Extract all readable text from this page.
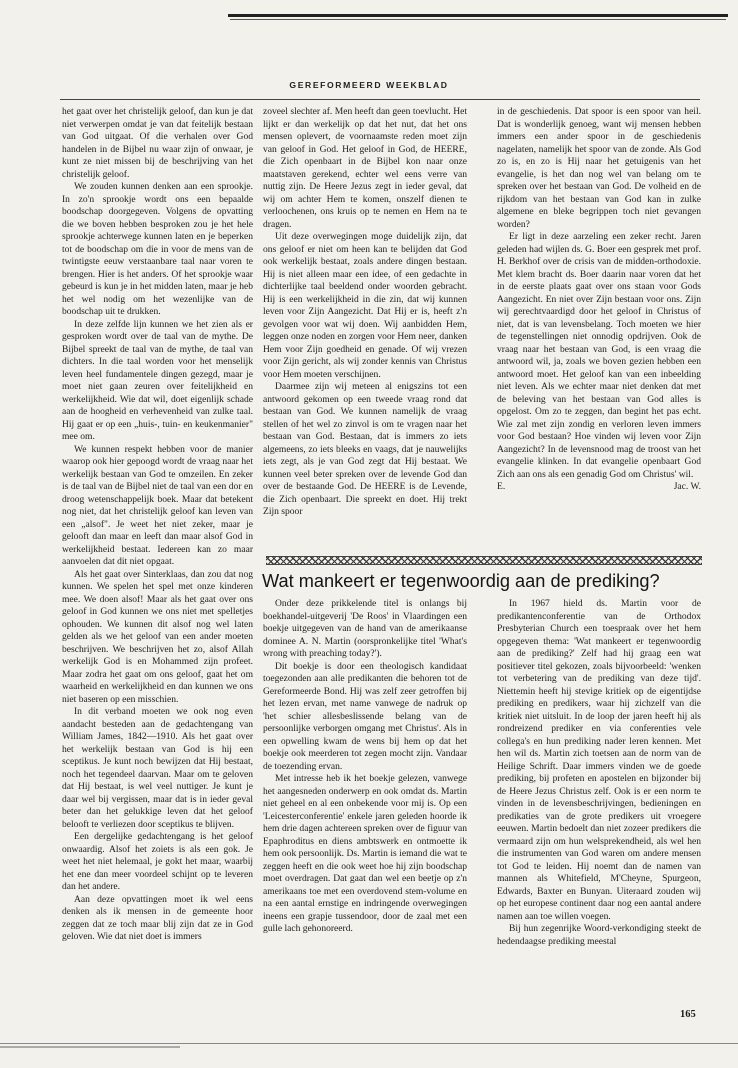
GEREFORMEERD WEEKBLAD

het gaat over het christelijk geloof, dan kun je dat niet verwerpen omdat je van dat feitelijk bestaan van God uitgaat. Of die verhalen over God handelen in de Bijbel nu waar zijn of onwaar, je kunt ze niet missen bij de beschrijving van het christelijk geloof.

We zouden kunnen denken aan een sprookje. In zo'n sprookje wordt ons een bepaalde boodschap doorgegeven. Volgens de opvatting die we boven hebben besproken zou je het hele sprookje achterwege kunnen laten en je beperken tot de boodschap om die in voor de mens van de twintigste eeuw verstaanbare taal naar voren te brengen. Hier is het anders. Of het sprookje waar gebeurd is kun je in het midden laten, maar je heb het wel nodig om het wezenlijke van de boodschap uit te drukken.

In deze zelfde lijn kunnen we het zien als er gesproken wordt over de taal van de mythe. De Bijbel spreekt de taal van de mythe, de taal van dichters. In die taal worden voor het menselijk leven heel fundamentele dingen gezegd, maar je moet niet gaan zeuren over feitelijkheid en werkelijkheid. Wie dat wil, doet eigenlijk schade aan de hoogheid en verhevenheid van zulke taal. Hij gaat er op een „huis-, tuin- en keukenmanier" mee om.

We kunnen respekt hebben voor de manier waarop ook hier gepoogd wordt de vraag naar het werkelijk bestaan van God te omzeilen. En zeker is de taal van de Bijbel niet de taal van een dor en droog wetenschappelijk boek. Maar dat betekent nog niet, dat het christelijk geloof kan leven van een „alsof". Je weet het niet zeker, maar je gelooft dan maar en leeft dan maar alsof God in werkelijkheid bestaat. Iedereen kan zo maar aanvoelen dat dit niet opgaat.

Als het gaat over Sinterklaas, dan zou dat nog kunnen. We spelen het spel met onze kinderen mee. We doen alsof! Maar als het gaat over ons geloof in God kunnen we ons niet met spelletjes ophouden. We kunnen dit alsof nog wel laten gelden als we het geloof van een ander moeten beschrijven. We beschrijven het zo, alsof Allah werkelijk God is en Mohammed zijn profeet. Maar zodra het gaat om ons geloof, gaat het om waarheid en werkelijkheid en dan kunnen we ons niet baseren op een misschien.

In dit verband moeten we ook nog even aandacht besteden aan de gedachtengang van William James, 1842—1910. Als het gaat over het werkelijk bestaan van God is hij een sceptikus. Je kunt noch bewijzen dat Hij bestaat, noch het tegendeel daarvan. Maar om te geloven dat Hij bestaat, is wel veel nuttiger. Je kunt je daar wel bij vergissen, maar dat is in ieder geval beter dan het gelukkige leven dat het geloof belooft te verliezen door sceptikus te blijven.

Een dergelijke gedachtengang is het geloof onwaardig. Alsof het zoiets is als een gok. Je weet het niet helemaal, je gokt het maar, waarbij het ene dan meer voordeel schijnt op te leveren dan het andere.

Aan deze opvattingen moet ik wel eens denken als ik mensen in de gemeente hoor zeggen dat ze toch maar blij zijn dat ze in God geloven. Wie dat niet doet is immers

zoveel slechter af. Men heeft dan geen toevlucht. Het lijkt er dan werkelijk op dat het nut, dat het ons mensen oplevert, de voornaamste reden moet zijn van geloof in God. Het geloof in God, de HEERE, die Zich openbaart in de Bijbel kon naar onze maatstaven gerekend, echter wel eens verre van nuttig zijn. De Heere Jezus zegt in ieder geval, dat wij om achter Hem te komen, onszelf dienen te verloochenen, ons kruis op te nemen en Hem na te dragen.

Uit deze overwegingen moge duidelijk zijn, dat ons geloof er niet om heen kan te belijden dat God ook werkelijk bestaat, zoals andere dingen bestaan. Hij is niet alleen maar een idee, of een gedachte in dichterlijke taal beeldend onder woorden gebracht. Hij is een werkelijkheid in die zin, dat wij kunnen leven voor Zijn Aangezicht. Dat Hij er is, heeft z'n gevolgen voor wat wij doen. Wij aanbidden Hem, leggen onze noden en zorgen voor Hem neer, danken Hem voor Zijn goedheid en genade. Of wij vrezen voor Zijn gericht, als wij zonder kennis van Christus voor Hem moeten verschijnen.

Daarmee zijn wij meteen al enigszins tot een antwoord gekomen op een tweede vraag rond dat bestaan van God. We kunnen namelijk de vraag stellen of het wel zo zinvol is om te vragen naar het bestaan van God. Bestaan, dat is immers zo iets algemeens, zo iets bleeks en vaags, dat je nauwelijks iets zegt, als je van God zegt dat Hij bestaat. We kunnen veel beter spreken over de levende God dan over de bestaande God. De HEERE is de Levende, die Zich openbaart. Die spreekt en doet. Hij trekt Zijn spoor

in de geschiedenis. Dat spoor is een spoor van heil. Dat is wonderlijk genoeg, want wij mensen hebben immers een ander spoor in de geschiedenis nagelaten, namelijk het spoor van de zonde. Als God zo is, en zo is Hij naar het getuigenis van het evangelie, is het dan nog wel van belang om te spreken over het bestaan van God. De volheid en de rijkdom van het bestaan van God kan in zulke algemene en bleke begrippen toch niet gevangen worden?

Er ligt in deze aarzeling een zeker recht. Jaren geleden had wijlen ds. G. Boer een gesprek met prof. H. Berkhof over de crisis van de midden-orthodoxie. Met klem bracht ds. Boer daarin naar voren dat het in de eerste plaats gaat over ons staan voor Gods Aangezicht. En niet over Zijn bestaan voor ons. Zijn wij gerechtvaardigd door het geloof in Christus of niet, dat is van levensbelang. Toch moeten we hier de tegenstellingen niet onnodig opdrijven. Ook de vraag naar het bestaan van God, is een vraag die antwoord wil, ja, zoals we boven gezien hebben een antwoord moet. Het geloof kan van een inbeelding niet leven. Als we echter maar niet denken dat met de beleving van het bestaan van God alles is opgelost. Om zo te zeggen, dan begint het pas echt. Wie zal met zijn zondig en verloren leven immers voor God bestaan? Hoe vinden wij leven voor Zijn Aangezicht? In de levensnood mag de troost van het evangelie klinken. In dat evangelie openbaart God Zich aan ons als een genadig God om Christus' wil.

E.	Jac. W.
Wat mankeert er tegenwoordig aan de prediking?

Onder deze prikkelende titel is onlangs bij boekhandel-uitgeverij 'De Roos' in Vlaardingen een boekje uitgegeven van de hand van de amerikaanse dominee A. N. Martin (oorspronkelijke titel 'What's wrong with preaching today?').

Dit boekje is door een theologisch kandidaat toegezonden aan alle predikanten die behoren tot de Gereformeerde Bond. Hij was zelf zeer getroffen bij het lezen ervan, met name vanwege de nadruk op 'het schier allesbeslissende belang van de persoonlijke verborgen omgang met Christus'. Als in een opwelling kwam de wens bij hem op dat het boekje ook meerderen tot zegen mocht zijn. Vandaar de toezending ervan.

Met intresse heb ik het boekje gelezen, vanwege het aangesneden onderwerp en ook omdat ds. Martin niet geheel en al een onbekende voor mij is. Op een 'Leicesterconferentie' enkele jaren geleden hoorde ik hem drie dagen achtereen spreken over de figuur van Epaphroditus en diens ambtswerk en ontmoette ik hem ook persoonlijk. Ds. Martin is iemand die wat te zeggen heeft en die ook weet hoe hij zijn boodschap moet overdragen. Dat gaat dan wel een beetje op z'n amerikaans toe met een overdovend stem-volume en na een aantal ernstige en indringende overwegingen ineens een grapje tussendoor, door de zaal met een gulle lach gehonoreerd.

In 1967 hield ds. Martin voor de predikantenconferentie van de Orthodox Presbyterian Church een toespraak over het hem opgegeven thema: 'Wat mankeert er tegenwoordig aan de prediking?' Zelf had hij graag een wat positiever titel gekozen, zoals bijvoorbeeld: 'wenken tot verbetering van de prediking van deze tijd'. Niettemin heeft hij stevige kritiek op de eigentijdse prediking en predikers, waar hij zichzelf van die kritiek niet uitsluit. In de loop der jaren heeft hij als rondreizend prediker en via conferenties vele collega's en hun prediking nader leren kennen. Met hen wil ds. Martin zich toetsen aan de norm van de Heilige Schrift. Daar immers vinden we de goede prediking, bij profeten en apostelen en bijzonder bij de Heere Jezus Christus zelf. Ook is er een norm te vinden in de levensbeschrijvingen, bedieningen en predikaties van de grote predikers uit vroegere eeuwen. Martin bedoelt dan niet zozeer predikers die vermaard zijn om hun welsprekendheid, als wel hen die instrumenten van God waren om andere mensen tot God te leiden. Hij noemt dan de namen van mannen als Whitefield, M'Cheyne, Spurgeon, Edwards, Baxter en Bunyan. Uiteraard zouden wij op het europese continent daar nog een aantal andere namen aan toe willen voegen.

Bij hun zegenrijke Woord-verkondiging steekt de hedendaagse prediking meestal

165
